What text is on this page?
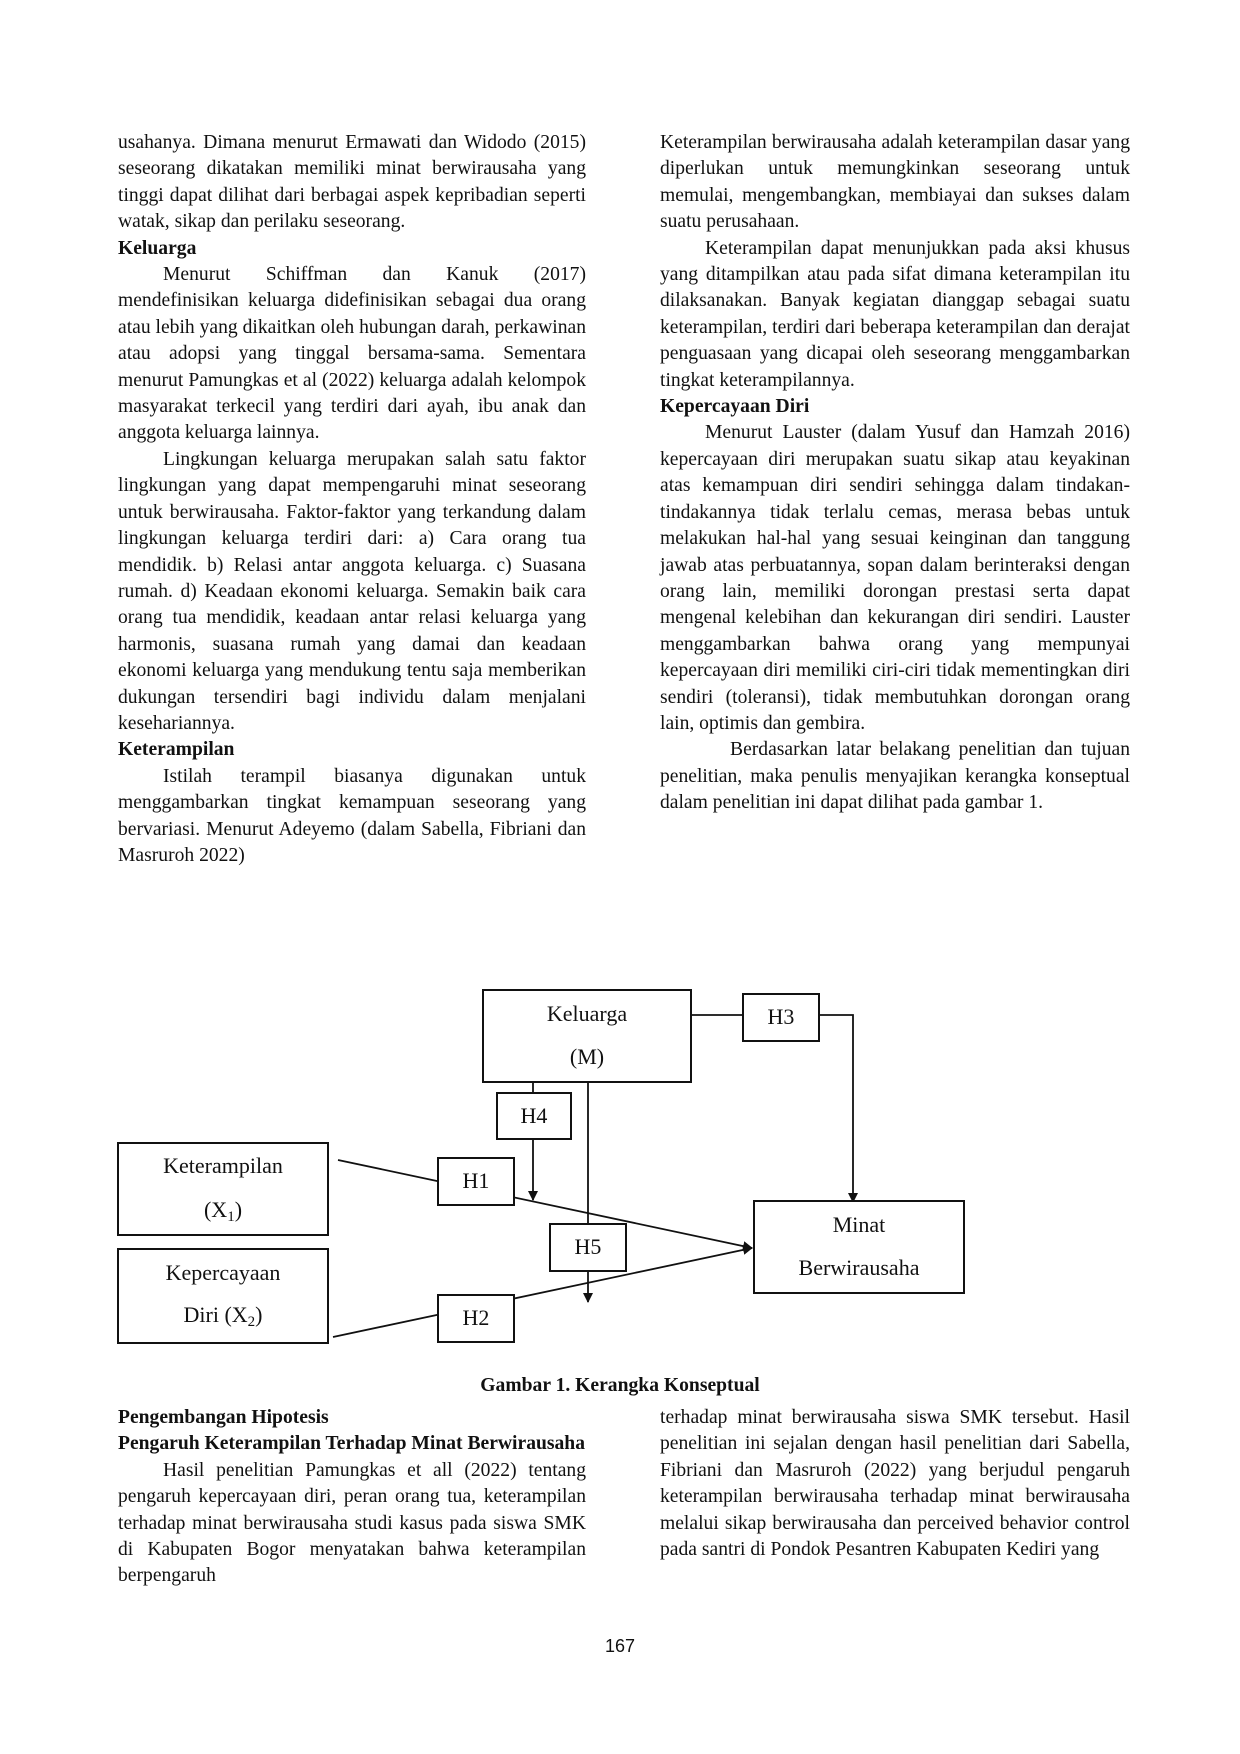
usahanya. Dimana menurut Ermawati dan Widodo (2015) seseorang dikatakan memiliki minat berwirausaha yang tinggi dapat dilihat dari berbagai aspek kepribadian seperti watak, sikap dan perilaku seseorang.

Keluarga

Menurut Schiffman dan Kanuk (2017) mendefinisikan keluarga didefinisikan sebagai dua orang atau lebih yang dikaitkan oleh hubungan darah, perkawinan atau adopsi yang tinggal bersama-sama. Sementara menurut Pamungkas et al (2022) keluarga adalah kelompok masyarakat terkecil yang terdiri dari ayah, ibu anak dan anggota keluarga lainnya.

Lingkungan keluarga merupakan salah satu faktor lingkungan yang dapat mempengaruhi minat seseorang untuk berwirausaha. Faktor-faktor yang terkandung dalam lingkungan keluarga terdiri dari: a) Cara orang tua mendidik. b) Relasi antar anggota keluarga. c) Suasana rumah. d) Keadaan ekonomi keluarga. Semakin baik cara orang tua mendidik, keadaan antar relasi keluarga yang harmonis, suasana rumah yang damai dan keadaan ekonomi keluarga yang mendukung tentu saja memberikan dukungan tersendiri bagi individu dalam menjalani kesehariannya.

Keterampilan

Istilah terampil biasanya digunakan untuk menggambarkan tingkat kemampuan seseorang yang bervariasi. Menurut Adeyemo (dalam Sabella, Fibriani dan Masruroh 2022)

Keterampilan berwirausaha adalah keterampilan dasar yang diperlukan untuk memungkinkan seseorang untuk memulai, mengembangkan, membiayai dan sukses dalam suatu perusahaan.

Keterampilan dapat menunjukkan pada aksi khusus yang ditampilkan atau pada sifat dimana keterampilan itu dilaksanakan. Banyak kegiatan dianggap sebagai suatu keterampilan, terdiri dari beberapa keterampilan dan derajat penguasaan yang dicapai oleh seseorang menggambarkan tingkat keterampilannya.

Kepercayaan Diri

Menurut Lauster (dalam Yusuf dan Hamzah 2016) kepercayaan diri merupakan suatu sikap atau keyakinan atas kemampuan diri sendiri sehingga dalam tindakan-tindakannya tidak terlalu cemas, merasa bebas untuk melakukan hal-hal yang sesuai keinginan dan tanggung jawab atas perbuatannya, sopan dalam berinteraksi dengan orang lain, memiliki dorongan prestasi serta dapat mengenal kelebihan dan kekurangan diri sendiri. Lauster menggambarkan bahwa orang yang mempunyai kepercayaan diri memiliki ciri-ciri tidak mementingkan diri sendiri (toleransi), tidak membutuhkan dorongan orang lain, optimis dan gembira.

Berdasarkan latar belakang penelitian dan tujuan penelitian, maka penulis menyajikan kerangka konseptual dalam penelitian ini dapat dilihat pada gambar 1.

Keluarga
(M)
H3
H4
H1
H5
H2
Keterampilan
(X1)
Minat
Berwirausaha
Kepercayaan
Diri (X2)
Gambar 1. Kerangka Konseptual
Pengembangan Hipotesis
Pengaruh Keterampilan Terhadap Minat Berwirausaha

Hasil penelitian Pamungkas et all (2022) tentang pengaruh kepercayaan diri, peran orang tua, keterampilan terhadap minat berwirausaha studi kasus pada siswa SMK di Kabupaten Bogor menyatakan bahwa keterampilan berpengaruh

terhadap minat berwirausaha siswa SMK tersebut. Hasil penelitian ini sejalan dengan hasil penelitian dari Sabella, Fibriani dan Masruroh (2022) yang berjudul pengaruh keterampilan berwirausaha terhadap minat berwirausaha melalui sikap berwirausaha dan perceived behavior control pada santri di Pondok Pesantren Kabupaten Kediri yang

167
